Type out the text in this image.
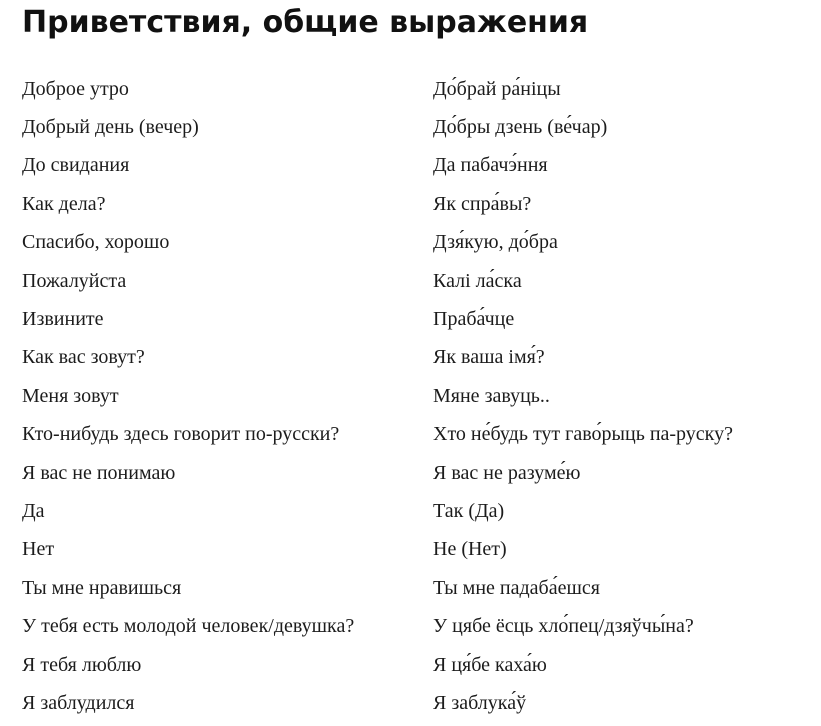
Приветствия, общие выражения
Доброе утро	До́брай ра́ніцы
Добрый день (вечер)	До́бры дзень (ве́чар)
До свидания	Да пабачэ́ння
Как дела?	Як спра́вы?
Спасибо, хорошо	Дзя́кую, до́бра
Пожалуйста	Калі ла́ска
Извините	Праба́чце
Как вас зовут?	Як ваша імя́?
Меня зовут	Мяне завуць..
Кто-нибудь здесь говорит по-русски?	Хто не́будь тут гаво́рыць па-руску?
Я вас не понимаю	Я вас не разуме́ю
Да	Так (Да)
Нет	Не (Нет)
Ты мне нравишься	Ты мне падаба́ешся
У тебя есть молодой человек/девушка?	У цябе ёсць хло́пец/дзяўчы́на?
Я тебя люблю	Я ця́бе каха́ю
Я заблудился	Я заблука́ў
